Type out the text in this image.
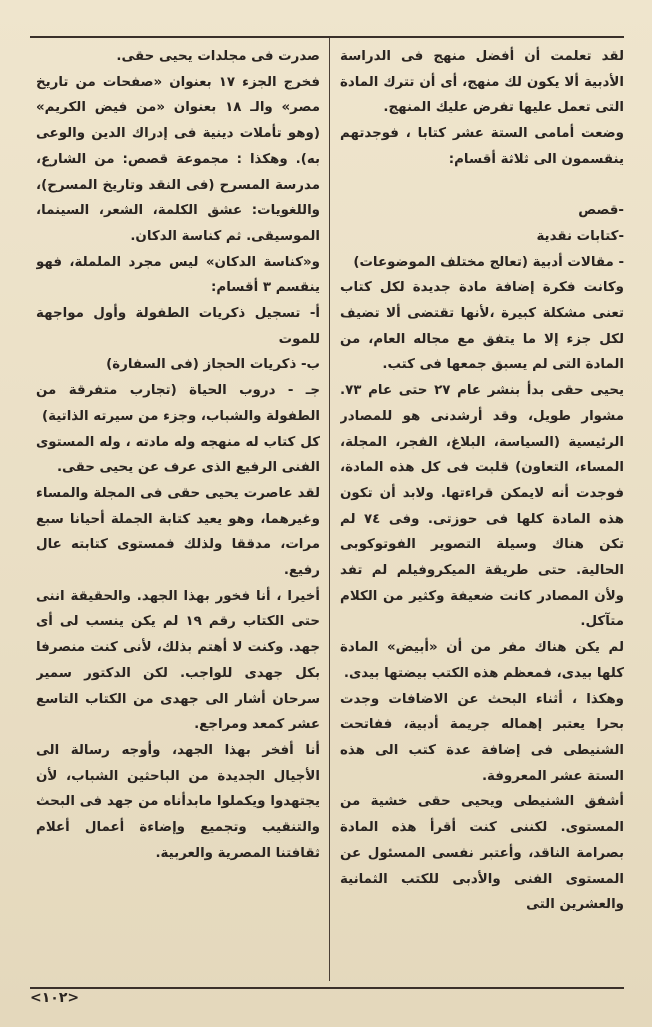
لقد تعلمت أن أفضل منهج فى الدراسة الأدبية ألا يكون لك منهج، أى أن تترك المادة التى تعمل عليها تفرض عليك المنهج.

وضعت أمامى الستة عشر كتابا ، فوجدتهم ينقسمون الى ثلاثة أقسام:

-قصص

-كتابات نقدية

- مقالات أدبية (تعالج مختلف الموضوعات)

وكانت فكرة إضافة مادة جديدة لكل كتاب تعنى مشكلة كبيرة ،لأنها تقتضى ألا تضيف لكل جزء إلا ما يتفق مع مجاله العام، من المادة التى لم يسبق جمعها فى كتب.

يحيى حقى بدأ بنشر عام ٢٧ حتى عام ٧٣. مشوار طويل، وقد أرشدنى هو للمصادر الرئيسية (السياسة، البلاغ، الفجر، المجلة، المساء، التعاون) قلبت فى كل هذه المادة، فوجدت أنه لايمكن قراءتها. ولابد أن تكون هذه المادة كلها فى حوزتى. وفى ٧٤ لم تكن هناك وسيلة التصوير الفوتوكوبى الحالية. حتى طريقة الميكروفيلم لم تفد ولأن المصادر كانت ضعيفة وكثير من الكلام متآكل.

لم يكن هناك مفر من أن «أبيض» المادة كلها بيدى، فمعظم هذه الكتب بيضتها بيدى.

وهكذا ، أثناء البحث عن الاضافات وجدت بحرا يعتبر إهماله جريمة أدبية، ففاتحت الشنيطى فى إضافة عدة كتب الى هذه الستة عشر المعروفة.

أشفق الشنيطى ويحيى حقى خشية من المستوى. لكننى كنت أقرأ هذه المادة بصرامة الناقد، وأعتبر نفسى المسئول عن المستوى الفنى والأدبى للكتب الثمانية والعشرين التى

صدرت فى مجلدات يحيى حقى.

فخرج الجزء ١٧ بعنوان «صفحات من تاريخ مصر» والـ ١٨ بعنوان «من فيض الكريم» (وهو تأملات دينية فى إدراك الدين والوعى به). وهكذا : مجموعة قصص: من الشارع، مدرسة المسرح (فى النقد وتاريخ المسرح)، واللغويات: عشق الكلمة، الشعر، السينما، الموسيقى. ثم كناسة الدكان.

و«كناسة الدكان» ليس مجرد الململة، فهو ينقسم ٣ أقسام:

أ- تسجيل ذكريات الطفولة وأول مواجهة للموت

ب- ذكريات الحجاز (فى السفارة)

جـ - دروب الحياة (تجارب متفرقة من الطفولة والشباب، وجزء من سيرته الذاتية)

كل كتاب له منهجه وله مادته ، وله المستوى الفنى الرفيع الذى عرف عن يحيى حقى.

لقد عاصرت يحيى حقى فى المجلة والمساء وغيرهما، وهو يعيد كتابة الجملة أحيانا سبع مرات، مدققا ولذلك فمستوى كتابته عال رفيع.

أخيرا ، أنا فخور بهذا الجهد. والحقيقة اننى حتى الكتاب رقم ١٩ لم يكن ينسب لى أى جهد. وكنت لا أهتم بذلك، لأنى كنت منصرفا بكل جهدى للواجب. لكن الدكتور سمير سرحان أشار الى جهدى من الكتاب التاسع عشر كمعد ومراجع.

أنا أفخر بهذا الجهد، وأوجه رسالة الى الأجيال الجديدة من الباحثين الشباب، لأن يجتهدوا ويكملوا مابدأناه من جهد فى البحث والتنقيب وتجميع وإضاءة أعمال أعلام ثقافتنا المصرية والعربية.

<١٠٢>
